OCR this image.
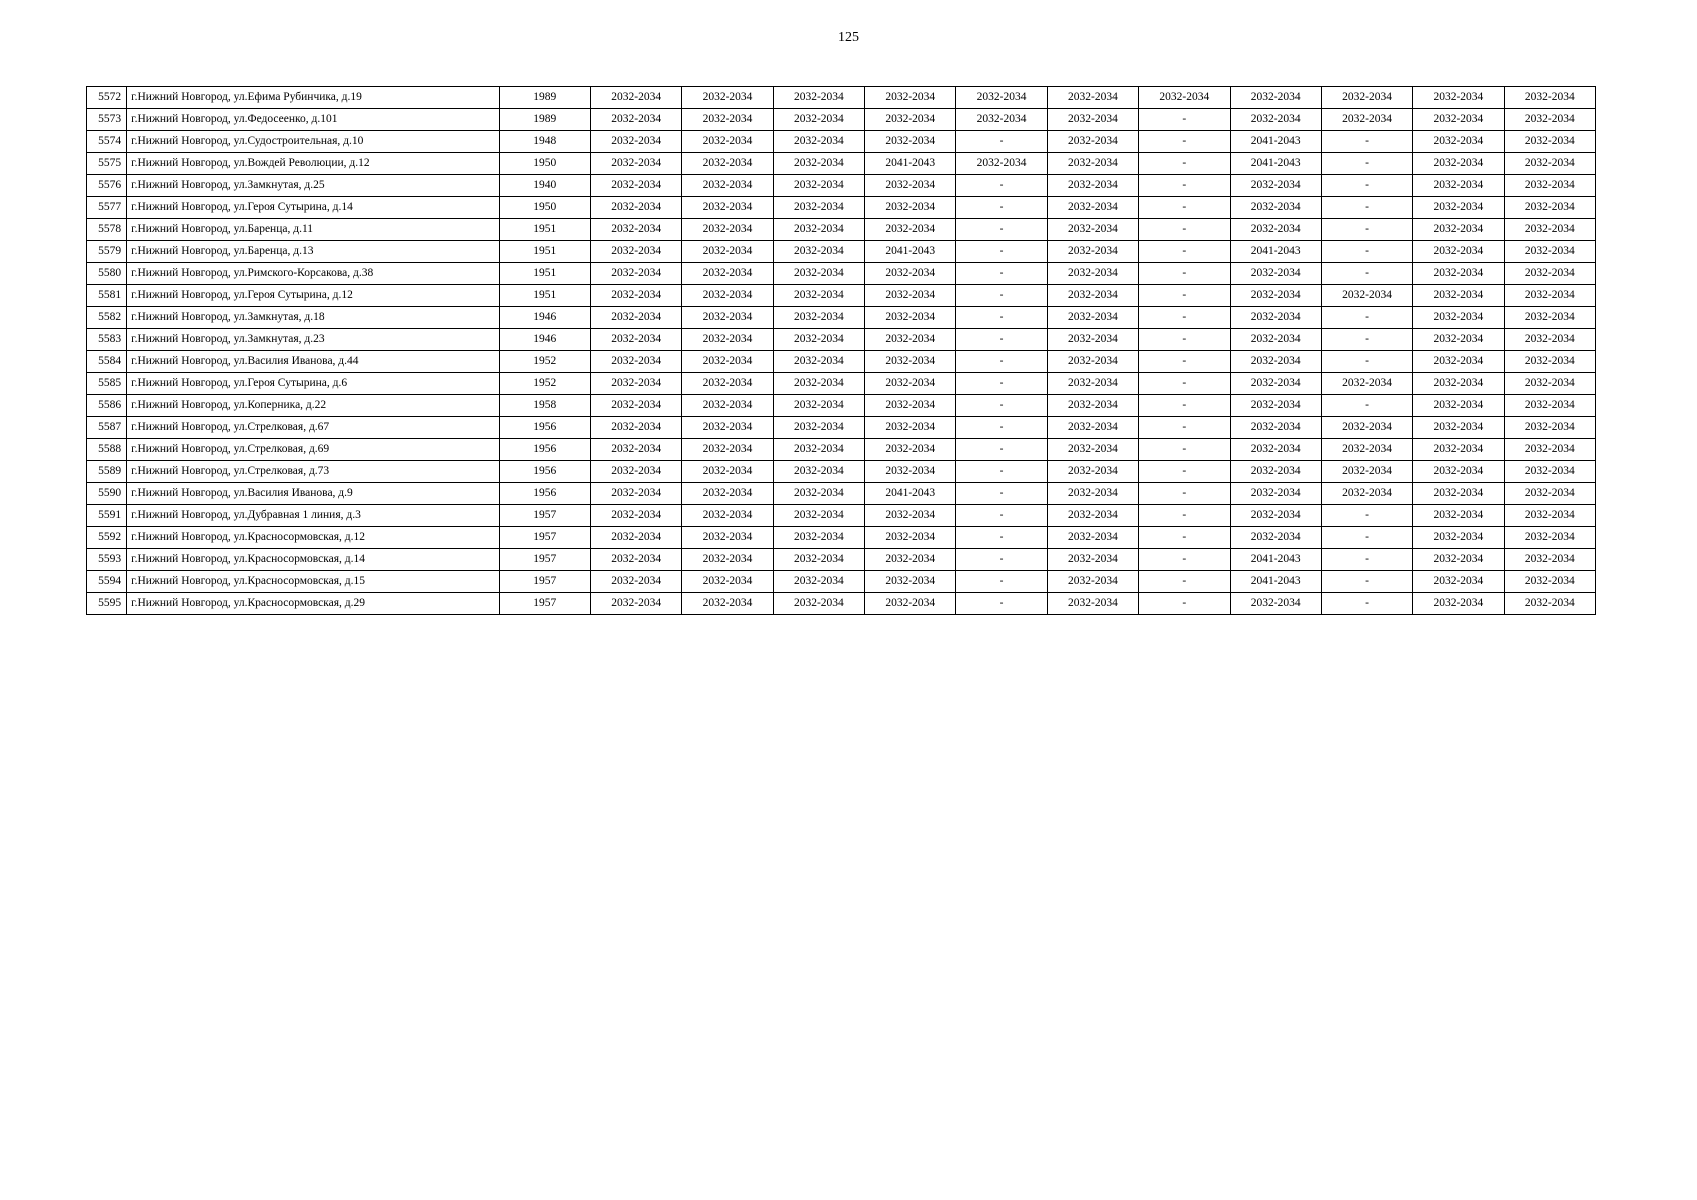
125
5572	г.Нижний Новгород, ул.Ефима Рубинчика, д.19	1989	2032-2034	2032-2034	2032-2034	2032-2034	2032-2034	2032-2034	2032-2034	2032-2034	2032-2034	2032-2034	2032-2034
5573	г.Нижний Новгород, ул.Федосеенко, д.101	1989	2032-2034	2032-2034	2032-2034	2032-2034	2032-2034	2032-2034	-	2032-2034	2032-2034	2032-2034	2032-2034
5574	г.Нижний Новгород, ул.Судостроительная, д.10	1948	2032-2034	2032-2034	2032-2034	2032-2034	-	2032-2034	-	2041-2043	-	2032-2034	2032-2034
5575	г.Нижний Новгород, ул.Вождей Революции, д.12	1950	2032-2034	2032-2034	2032-2034	2041-2043	2032-2034	2032-2034	-	2041-2043	-	2032-2034	2032-2034
5576	г.Нижний Новгород, ул.Замкнутая, д.25	1940	2032-2034	2032-2034	2032-2034	2032-2034	-	2032-2034	-	2032-2034	-	2032-2034	2032-2034
5577	г.Нижний Новгород, ул.Героя Сутырина, д.14	1950	2032-2034	2032-2034	2032-2034	2032-2034	-	2032-2034	-	2032-2034	-	2032-2034	2032-2034
5578	г.Нижний Новгород, ул.Баренца, д.11	1951	2032-2034	2032-2034	2032-2034	2032-2034	-	2032-2034	-	2032-2034	-	2032-2034	2032-2034
5579	г.Нижний Новгород, ул.Баренца, д.13	1951	2032-2034	2032-2034	2032-2034	2041-2043	-	2032-2034	-	2041-2043	-	2032-2034	2032-2034
5580	г.Нижний Новгород, ул.Римского-Корсакова, д.38	1951	2032-2034	2032-2034	2032-2034	2032-2034	-	2032-2034	-	2032-2034	-	2032-2034	2032-2034
5581	г.Нижний Новгород, ул.Героя Сутырина, д.12	1951	2032-2034	2032-2034	2032-2034	2032-2034	-	2032-2034	-	2032-2034	2032-2034	2032-2034	2032-2034
5582	г.Нижний Новгород, ул.Замкнутая, д.18	1946	2032-2034	2032-2034	2032-2034	2032-2034	-	2032-2034	-	2032-2034	-	2032-2034	2032-2034
5583	г.Нижний Новгород, ул.Замкнутая, д.23	1946	2032-2034	2032-2034	2032-2034	2032-2034	-	2032-2034	-	2032-2034	-	2032-2034	2032-2034
5584	г.Нижний Новгород, ул.Василия Иванова, д.44	1952	2032-2034	2032-2034	2032-2034	2032-2034	-	2032-2034	-	2032-2034	-	2032-2034	2032-2034
5585	г.Нижний Новгород, ул.Героя Сутырина, д.6	1952	2032-2034	2032-2034	2032-2034	2032-2034	-	2032-2034	-	2032-2034	2032-2034	2032-2034	2032-2034
5586	г.Нижний Новгород, ул.Коперника, д.22	1958	2032-2034	2032-2034	2032-2034	2032-2034	-	2032-2034	-	2032-2034	-	2032-2034	2032-2034
5587	г.Нижний Новгород, ул.Стрелковая, д.67	1956	2032-2034	2032-2034	2032-2034	2032-2034	-	2032-2034	-	2032-2034	2032-2034	2032-2034	2032-2034
5588	г.Нижний Новгород, ул.Стрелковая, д.69	1956	2032-2034	2032-2034	2032-2034	2032-2034	-	2032-2034	-	2032-2034	2032-2034	2032-2034	2032-2034
5589	г.Нижний Новгород, ул.Стрелковая, д.73	1956	2032-2034	2032-2034	2032-2034	2032-2034	-	2032-2034	-	2032-2034	2032-2034	2032-2034	2032-2034
5590	г.Нижний Новгород, ул.Василия Иванова, д.9	1956	2032-2034	2032-2034	2032-2034	2041-2043	-	2032-2034	-	2032-2034	2032-2034	2032-2034	2032-2034
5591	г.Нижний Новгород, ул.Дубравная 1 линия, д.3	1957	2032-2034	2032-2034	2032-2034	2032-2034	-	2032-2034	-	2032-2034	-	2032-2034	2032-2034
5592	г.Нижний Новгород, ул.Красносормовская, д.12	1957	2032-2034	2032-2034	2032-2034	2032-2034	-	2032-2034	-	2032-2034	-	2032-2034	2032-2034
5593	г.Нижний Новгород, ул.Красносормовская, д.14	1957	2032-2034	2032-2034	2032-2034	2032-2034	-	2032-2034	-	2041-2043	-	2032-2034	2032-2034
5594	г.Нижний Новгород, ул.Красносормовская, д.15	1957	2032-2034	2032-2034	2032-2034	2032-2034	-	2032-2034	-	2041-2043	-	2032-2034	2032-2034
5595	г.Нижний Новгород, ул.Красносормовская, д.29	1957	2032-2034	2032-2034	2032-2034	2032-2034	-	2032-2034	-	2032-2034	-	2032-2034	2032-2034
